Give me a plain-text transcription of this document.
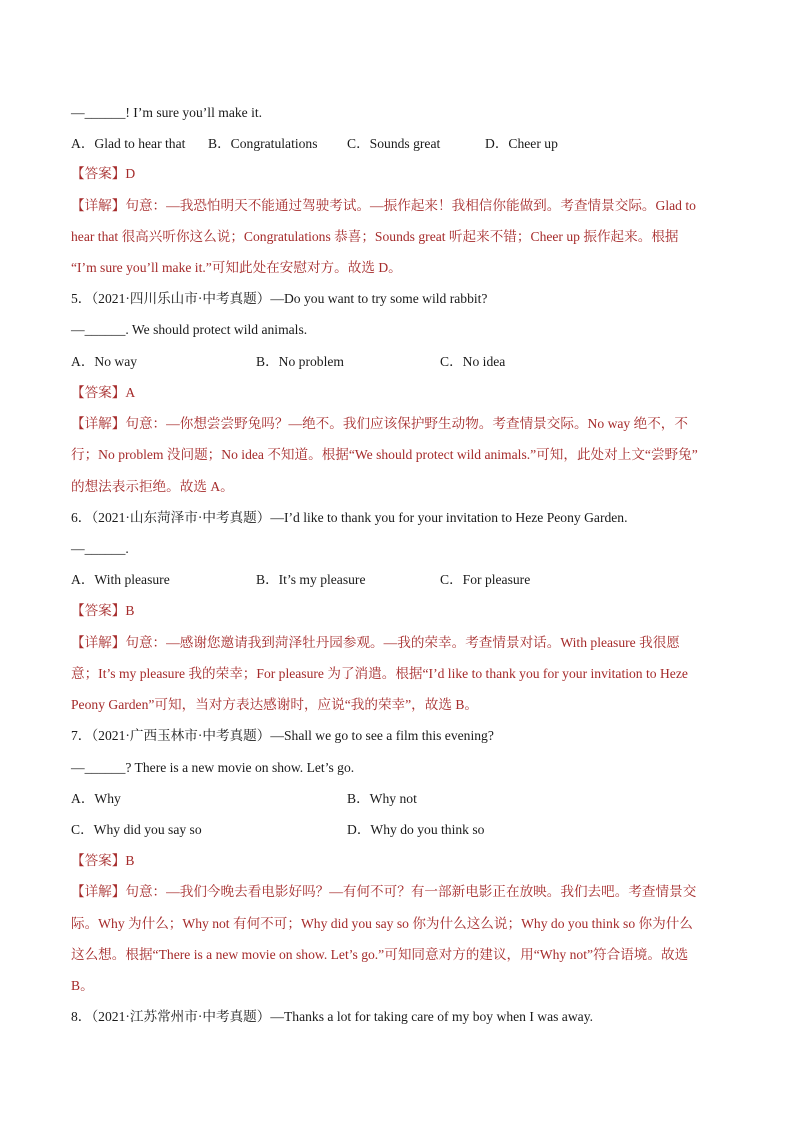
—______! I’m sure you’ll make it.
A．Glad to hear that B．Congratulations C．Sounds great	D．Cheer up
【答案】D
【详解】句意：—我恐怕明天不能通过驾驶考试。—振作起来！我相信你能做到。考查情景交际。Glad to
hear that 很高兴听你这么说；Congratulations 恭喜；Sounds great 听起来不错；Cheer up 振作起来。根据
“I’m sure you’ll make it.”可知此处在安慰对方。故选 D。
5．（2021·四川乐山市·中考真题）—Do you want to try some wild rabbit?
—______. We should protect wild animals.
A．No way	B．No problem	C．No idea
【答案】A
【详解】句意：—你想尝尝野兔吗？—绝不。我们应该保护野生动物。考查情景交际。No way 绝不，不
行；No problem 没问题；No idea 不知道。根据“We should protect wild animals.”可知，此处对上文“尝野兔”
的想法表示拒绝。故选 A。
6．（2021·山东菏泽市·中考真题）—I’d like to thank you for your invitation to Heze Peony Garden.
—______.
A．With pleasure	B．It’s my pleasure	C．For pleasure
【答案】B
【详解】句意：—感谢您邀请我到菏泽牡丹园参观。—我的荣幸。考查情景对话。With pleasure 我很愿
意；It’s my pleasure 我的荣幸；For pleasure 为了消遣。根据“I’d like to thank you for your invitation to Heze
Peony Garden”可知，当对方表达感谢时，应说“我的荣幸”，故选 B。
7．（2021·广西玉林市·中考真题）—Shall we go to see a film this evening?
—______? There is a new movie on show. Let’s go.
A．Why	B．Why not
C．Why did you say so	D．Why do you think so
【答案】B
【详解】句意：—我们今晚去看电影好吗？—有何不可？有一部新电影正在放映。我们去吧。考查情景交
际。Why 为什么；Why not 有何不可；Why did you say so 你为什么这么说；Why do you think so 你为什么
这么想。根据“There is a new movie on show. Let’s go.”可知同意对方的建议，用“Why not”符合语境。故选
B。
8．（2021·江苏常州市·中考真题）—Thanks a lot for taking care of my boy when I was away.
